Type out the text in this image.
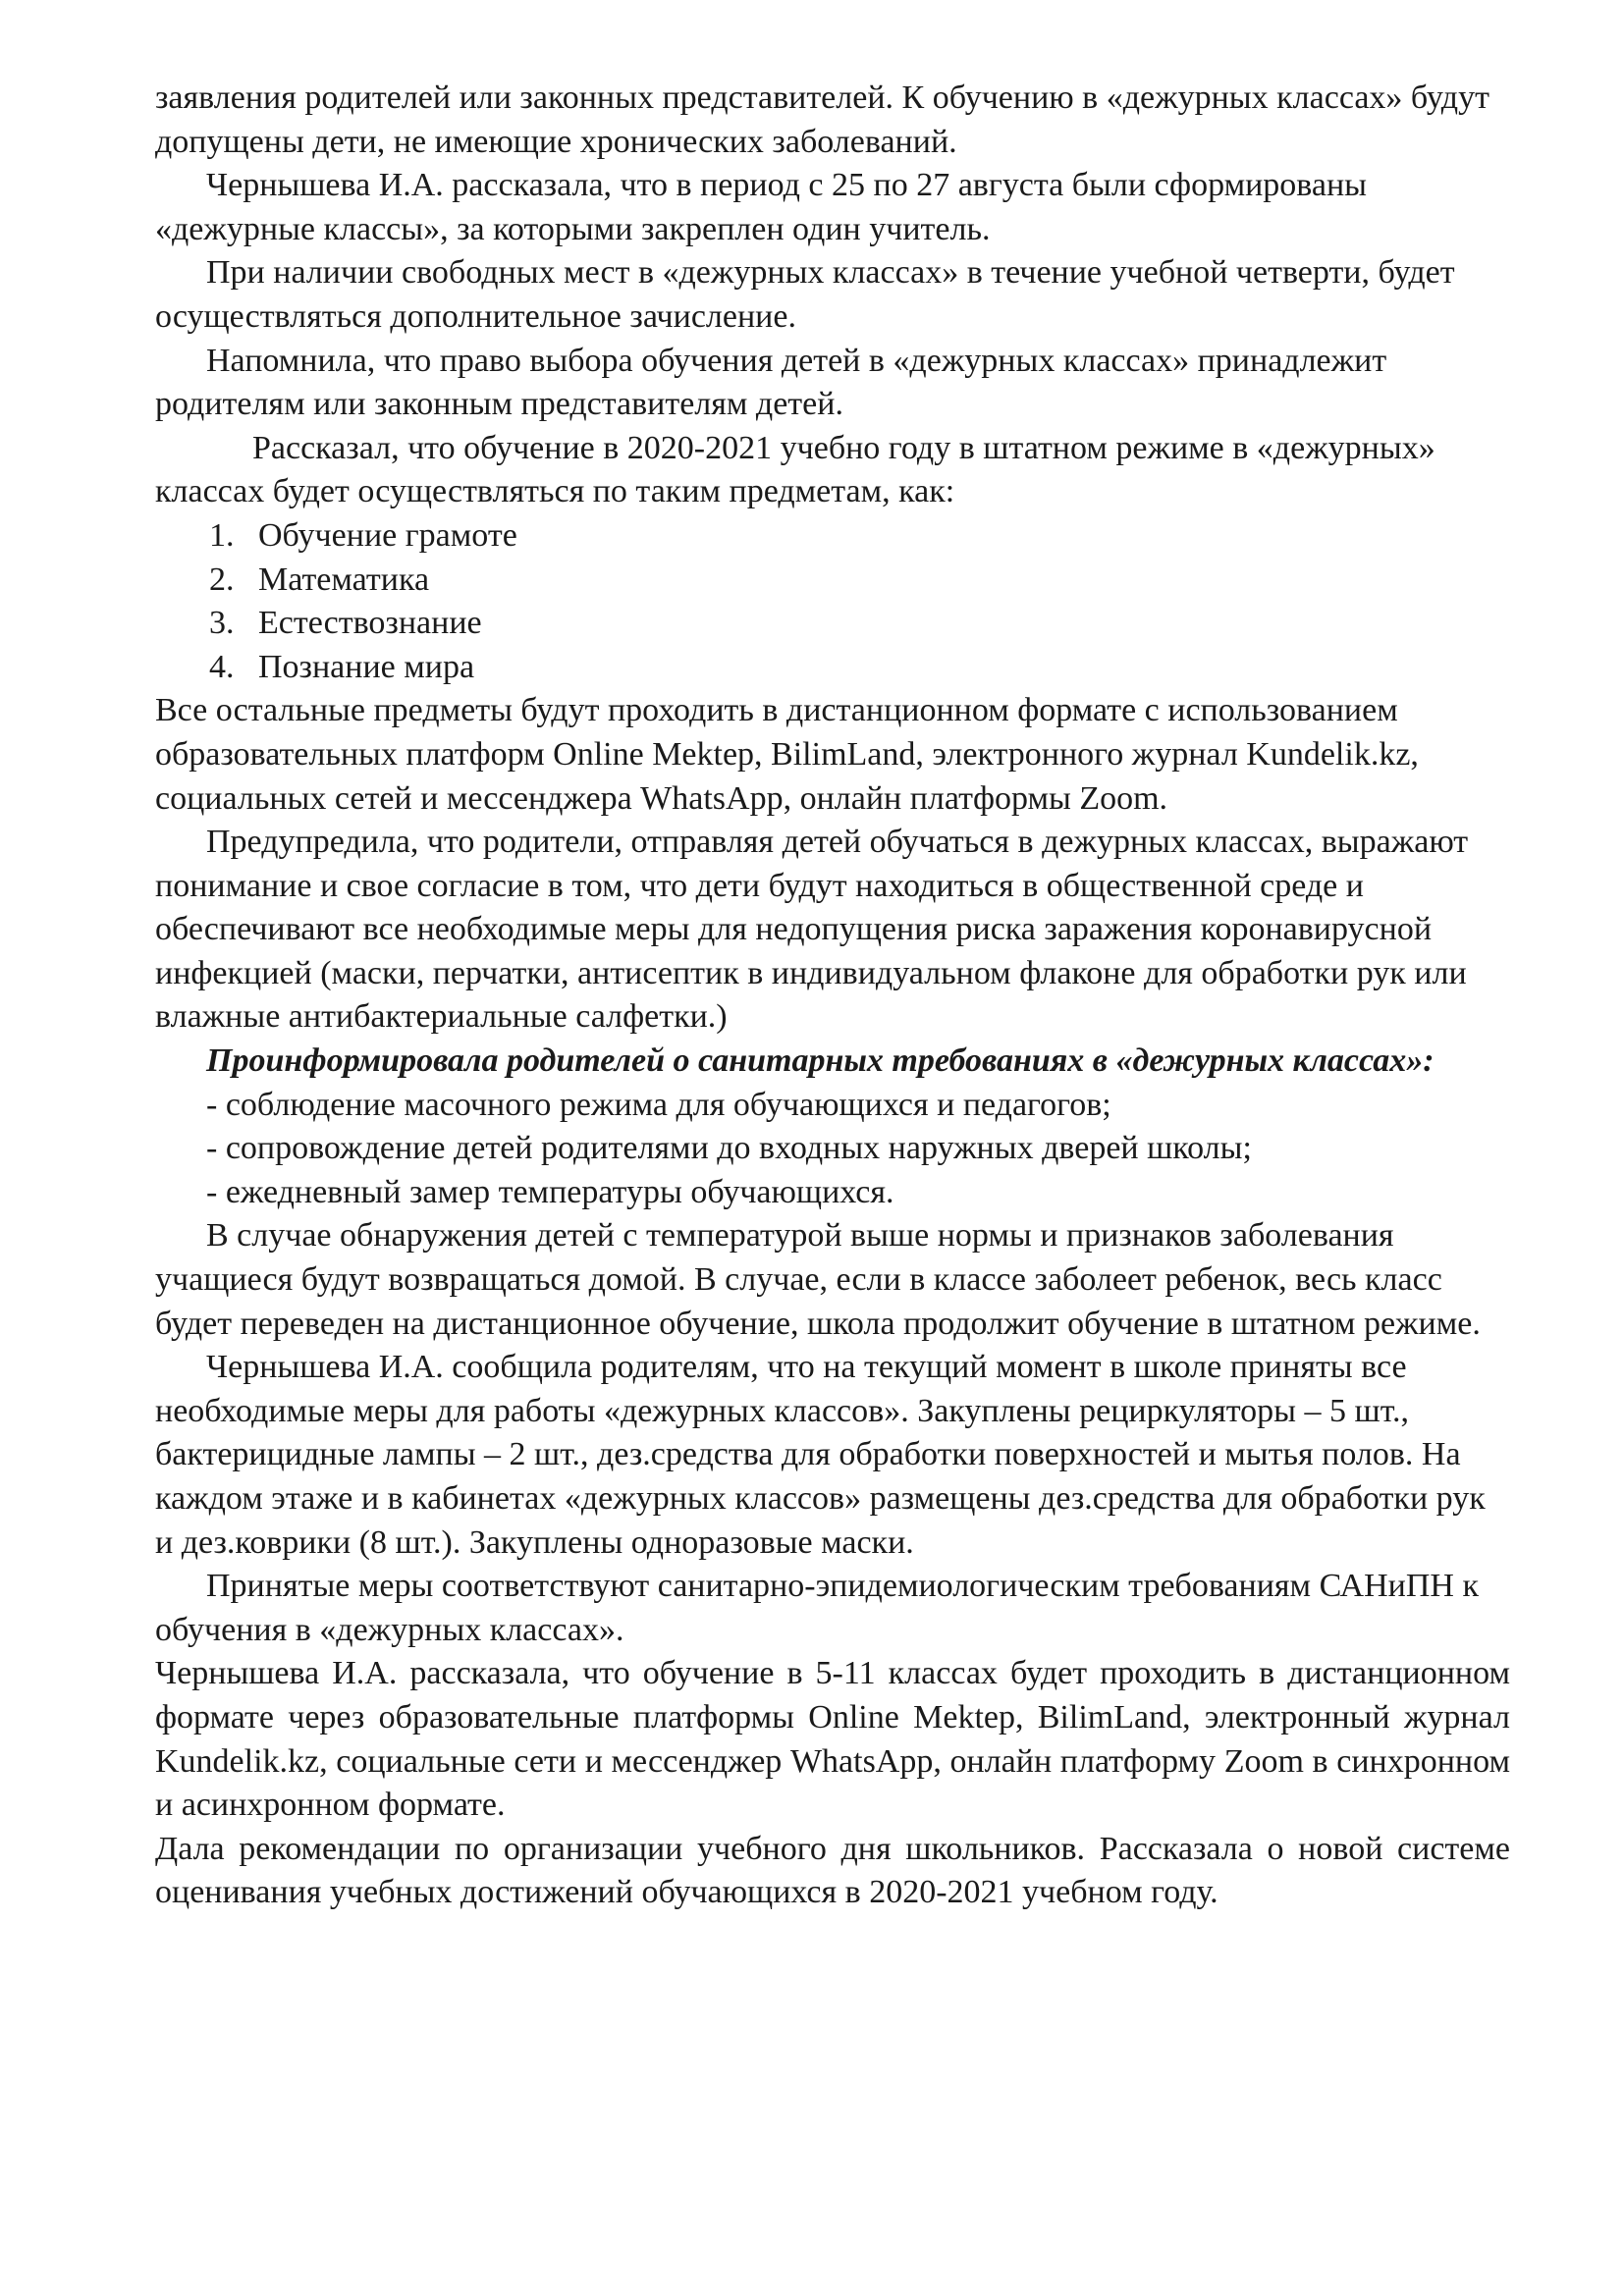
заявления родителей или законных представителей. К обучению в «дежурных классах» будут допущены дети, не имеющие хронических заболеваний.

Чернышева И.А. рассказала, что в период с 25 по 27 августа были сформированы «дежурные классы», за которыми закреплен один учитель.

При наличии свободных мест в «дежурных классах» в течение учебной четверти, будет осуществляться дополнительное зачисление.

Напомнила, что право выбора обучения детей в «дежурных классах» принадлежит родителям или законным представителям детей.

Рассказал, что обучение в 2020-2021 учебно году в штатном режиме в «дежурных» классах будет осуществляться по таким предметам, как:

1. Обучение грамоте
2. Математика
3. Естествознание
4. Познание мира

Все остальные предметы будут проходить в дистанционном формате с использованием образовательных платформ Online Mektep, BilimLand, электронного журнал Kundelik.kz, социальных сетей и мессенджера WhatsApp, онлайн платформы Zoom.

Предупредила, что родители, отправляя детей обучаться в дежурных классах, выражают понимание и свое согласие в том, что дети будут находиться в общественной среде и обеспечивают все необходимые меры для недопущения риска заражения коронавирусной инфекцией (маски, перчатки, антисептик в индивидуальном флаконе для обработки рук или влажные антибактериальные салфетки.)

Проинформировала родителей о санитарных требованиях в «дежурных классах»:

- соблюдение масочного режима для обучающихся и педагогов;

- сопровождение детей родителями до входных наружных дверей школы;

- ежедневный замер температуры обучающихся.

В случае обнаружения детей с температурой выше нормы и признаков заболевания учащиеся будут возвращаться домой. В случае, если в классе заболеет ребенок, весь класс будет переведен на дистанционное обучение, школа продолжит обучение в штатном режиме.

Чернышева И.А. сообщила родителям, что на текущий момент в школе приняты все необходимые меры для работы «дежурных классов». Закуплены рециркуляторы – 5 шт., бактерицидные лампы – 2 шт., дез.средства для обработки поверхностей и мытья полов. На каждом этаже и в кабинетах «дежурных классов» размещены дез.средства для обработки рук и дез.коврики (8 шт.). Закуплены одноразовые маски.

Принятые меры соответствуют санитарно-эпидемиологическим требованиям САНиПН к обучения в «дежурных классах».

Чернышева И.А. рассказала, что обучение в 5-11 классах будет проходить в дистанционном формате через образовательные платформы Online Mektep, BilimLand, электронный журнал Kundelik.kz, социальные сети и мессенджер WhatsApp, онлайн платформу Zoom в синхронном и асинхронном формате.

Дала рекомендации по организации учебного дня школьников. Рассказала о новой системе оценивания учебных достижений обучающихся в 2020-2021 учебном году.
